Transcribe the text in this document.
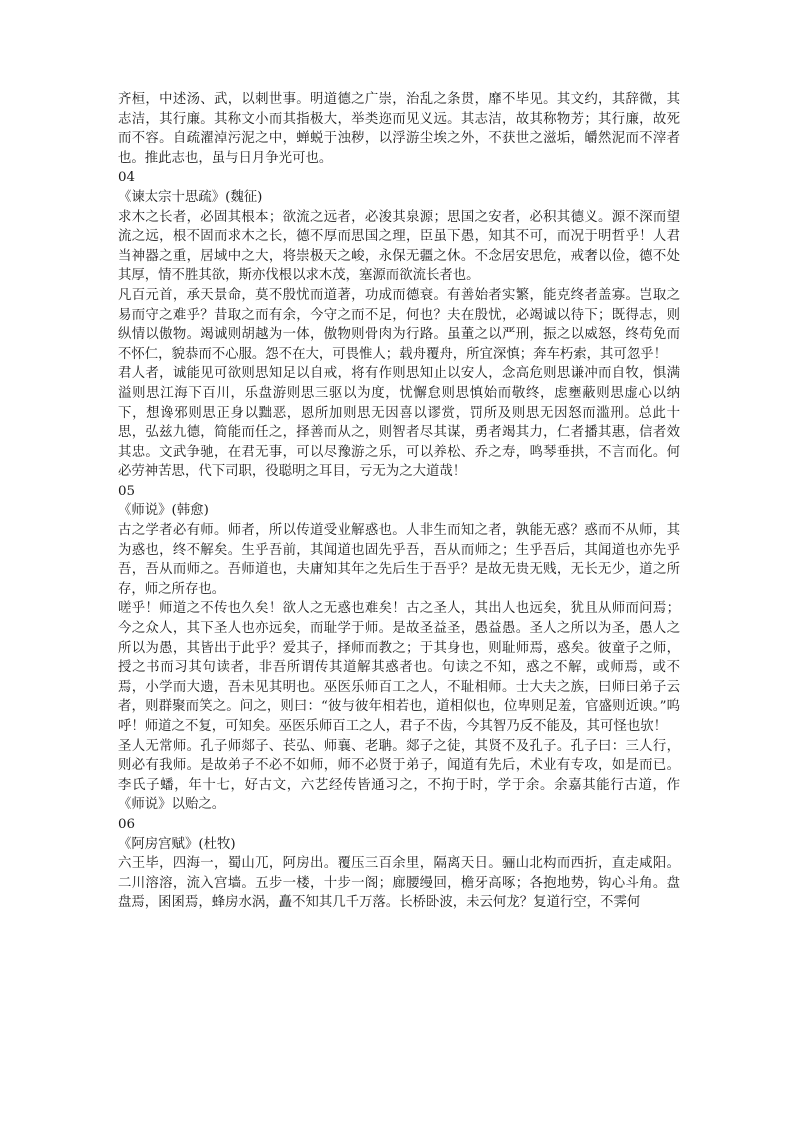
齐桓，中述汤、武，以刺世事。明道德之广崇，治乱之条贯，靡不毕见。其文约，其辞微，其志洁，其行廉。其称文小而其指极大，举类迩而见义远。其志洁，故其称物芳；其行廉，故死而不容。自疏濯淖污泥之中，蝉蜕于浊秽，以浮游尘埃之外，不获世之滋垢，皭然泥而不滓者也。推此志也，虽与日月争光可也。

04

《谏太宗十思疏》(魏征)

求木之长者，必固其根本；欲流之远者，必浚其泉源；思国之安者，必积其德义。源不深而望流之远，根不固而求木之长，德不厚而思国之理，臣虽下愚，知其不可，而况于明哲乎！人君当神器之重，居域中之大，将崇极天之峻，永保无疆之休。不念居安思危，戒奢以俭，德不处其厚，情不胜其欲，斯亦伐根以求木茂，塞源而欲流长者也。

凡百元首，承天景命，莫不殷忧而道著，功成而德衰。有善始者实繁，能克终者盖寡。岂取之易而守之难乎？昔取之而有余，今守之而不足，何也？夫在殷忧，必竭诚以待下；既得志，则纵情以傲物。竭诚则胡越为一体，傲物则骨肉为行路。虽董之以严刑，振之以威怒，终苟免而不怀仁，貌恭而不心服。怨不在大，可畏惟人；载舟覆舟，所宜深慎；奔车朽索，其可忽乎！

君人者，诚能见可欲则思知足以自戒，将有作则思知止以安人，念高危则思谦冲而自牧，惧满溢则思江海下百川，乐盘游则思三驱以为度，忧懈怠则思慎始而敬终，虑壅蔽则思虚心以纳下，想谗邪则思正身以黜恶，恩所加则思无因喜以谬赏，罚所及则思无因怒而滥刑。总此十思，弘兹九德，简能而任之，择善而从之，则智者尽其谋，勇者竭其力，仁者播其惠，信者效其忠。文武争驰，在君无事，可以尽豫游之乐，可以养松、乔之寿，鸣琴垂拱，不言而化。何必劳神苦思，代下司职，役聪明之耳目，亏无为之大道哉！

05

《师说》(韩愈)

古之学者必有师。师者，所以传道受业解惑也。人非生而知之者，孰能无惑？惑而不从师，其为惑也，终不解矣。生乎吾前，其闻道也固先乎吾，吾从而师之；生乎吾后，其闻道也亦先乎吾，吾从而师之。吾师道也，夫庸知其年之先后生于吾乎？是故无贵无贱，无长无少，道之所存，师之所存也。

嗟乎！师道之不传也久矣！欲人之无惑也难矣！古之圣人，其出人也远矣，犹且从师而问焉；今之众人，其下圣人也亦远矣，而耻学于师。是故圣益圣，愚益愚。圣人之所以为圣，愚人之所以为愚，其皆出于此乎？爱其子，择师而教之；于其身也，则耻师焉，惑矣。彼童子之师，授之书而习其句读者，非吾所谓传其道解其惑者也。句读之不知，惑之不解，或师焉，或不焉，小学而大遗，吾未见其明也。巫医乐师百工之人，不耻相师。士大夫之族，曰师曰弟子云者，则群聚而笑之。问之，则曰：“彼与彼年相若也，道相似也，位卑则足羞，官盛则近谀。”呜呼！师道之不复，可知矣。巫医乐师百工之人，君子不齿，今其智乃反不能及，其可怪也欤！

圣人无常师。孔子师郯子、苌弘、师襄、老聃。郯子之徒，其贤不及孔子。孔子曰：三人行，则必有我师。是故弟子不必不如师，师不必贤于弟子，闻道有先后，术业有专攻，如是而已。李氏子蟠，年十七，好古文，六艺经传皆通习之，不拘于时，学于余。余嘉其能行古道，作《师说》以贻之。

06

《阿房宫赋》(杜牧)

六王毕，四海一，蜀山兀，阿房出。覆压三百余里，隔离天日。骊山北构而西折，直走咸阳。二川溶溶，流入宫墙。五步一楼，十步一阁；廊腰缦回，檐牙高啄；各抱地势，钩心斗角。盘盘焉，囷囷焉，蜂房水涡，矗不知其几千万落。长桥卧波，未云何龙？复道行空，不霁何
